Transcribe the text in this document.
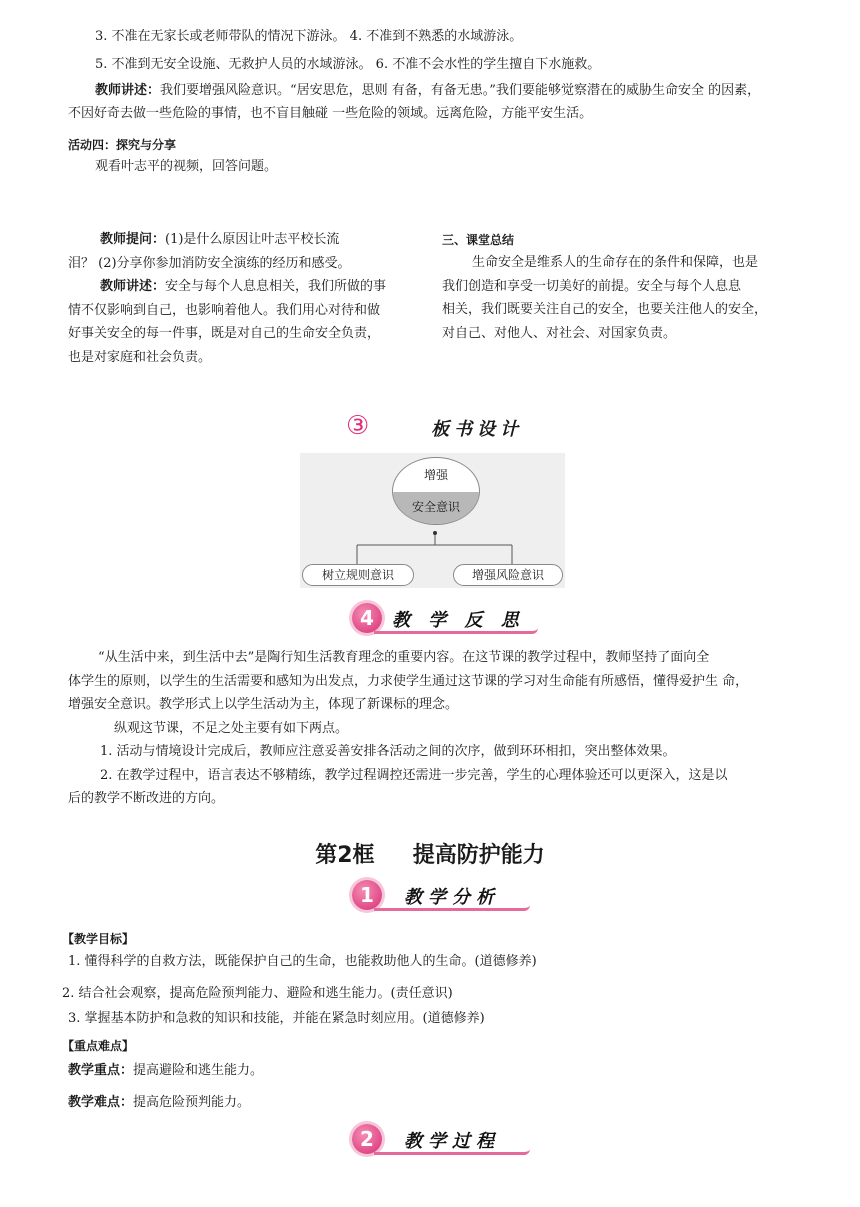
3. 不准在无家长或老师带队的情况下游泳。 4. 不准到不熟悉的水域游泳。
5. 不准到无安全设施、无救护人员的水域游泳。 6. 不准不会水性的学生擅自下水施救。
教师讲述：我们要增强风险意识。“居安思危，思则 有备，有备无患。”我们要能够觉察潜在的威胁生命安全 的因素，
不因好奇去做一些危险的事情，也不盲目触碰 一些危险的领域。远离危险，方能平安生活。
活动四：探究与分享
观看叶志平的视频，回答问题。
教师提问：(1)是什么原因让叶志平校长流
泪？ (2)分享你参加消防安全演练的经历和感受。
教师讲述：安全与每个人息息相关，我们所做的事
情不仅影响到自己，也影响着他人。我们用心对待和做
好事关安全的每一件事，既是对自己的生命安全负责，
也是对家庭和社会负责。
三、课堂总结
生命安全是维系人的生命存在的条件和保障，也是
我们创造和享受一切美好的前提。安全与每个人息息
相关，我们既要关注自己的安全，也要关注他人的安全，
对自己、对他人、对社会、对国家负责。
③	板书设计
增强
安全意识
树立规则意识	增强风险意识
4	教 学 反 思
“从生活中来，到生活中去”是陶行知生活教育理念的重要内容。在这节课的教学过程中，教师坚持了面向全
体学生的原则，以学生的生活需要和感知为出发点，力求使学生通过这节课的学习对生命能有所感悟，懂得爱护生 命，
增强安全意识。教学形式上以学生活动为主，体现了新课标的理念。
纵观这节课，不足之处主要有如下两点。
1. 活动与情境设计完成后，教师应注意妥善安排各活动之间的次序，做到环环相扣，突出整体效果。
2. 在教学过程中，语言表达不够精练，教学过程调控还需进一步完善，学生的心理体验还可以更深入，这是以
后的教学不断改进的方向。
第2框     提高防护能力
1	教学分析
【教学目标】
1. 懂得科学的自救方法，既能保护自己的生命，也能救助他人的生命。(道德修养)
2. 结合社会观察，提高危险预判能力、避险和逃生能力。(责任意识)
3. 掌握基本防护和急救的知识和技能，并能在紧急时刻应用。(道德修养)
【重点难点】
教学重点：提高避险和逃生能力。
教学难点：提高危险预判能力。
2	教学过程
